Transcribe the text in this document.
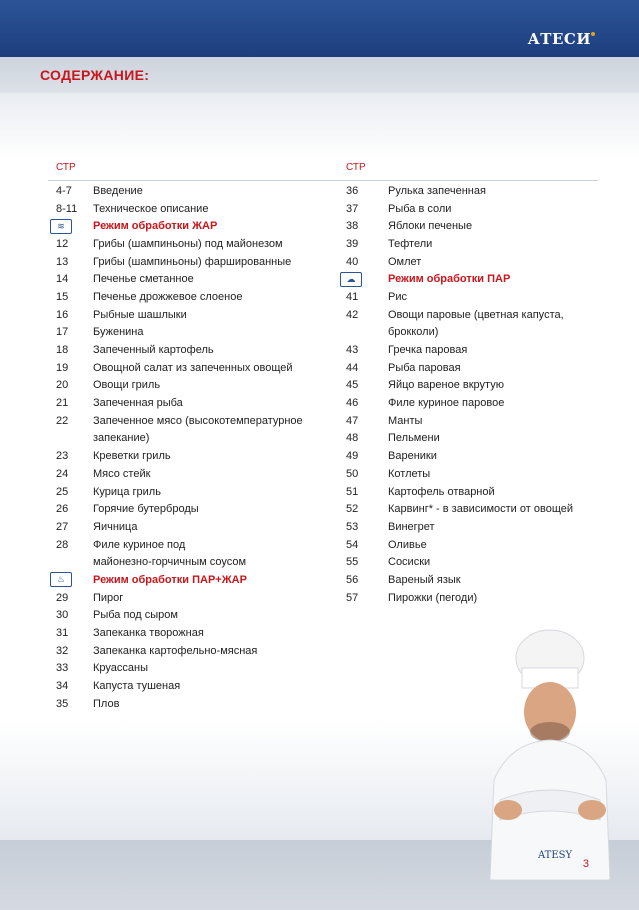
АТЕСИ
СОДЕРЖАНИЕ:
СТР
4-7	Введение
8-11	Техническое описание
≋	Режим обработки ЖАР
12	Грибы (шампиньоны) под майонезом
13	Грибы (шампиньоны) фаршированные
14	Печенье сметанное
15	Печенье дрожжевое слоеное
16	Рыбные шашлыки
17	Буженина
18	Запеченный картофель
19	Овощной салат из запеченных овощей
20	Овощи гриль
21	Запеченная рыба
22	Запеченное мясо (высокотемпературное
запекание)
23	Креветки гриль
24	Мясо стейк
25	Курица гриль
26	Горячие бутерброды
27	Яичница
28	Филе куриное под
майонезно-горчичным соусом
♨	Режим обработки ПАР+ЖАР
29	Пирог
30	Рыба под сыром
31	Запеканка творожная
32	Запеканка картофельно-мясная
33	Круассаны
34	Капуста тушеная
35	Плов
СТР
36	Рулька запеченная
37	Рыба в соли
38	Яблоки печеные
39	Тефтели
40	Омлет
☁	Режим обработки ПАР
41	Рис
42	Овощи паровые (цветная капуста,
брокколи)
43	Гречка паровая
44	Рыба паровая
45	Яйцо вареное вкрутую
46	Филе куриное паровое
47	Манты
48	Пельмени
49	Вареники
50	Котлеты
51	Картофель отварной
52	Карвинг* - в зависимости от овощей
53	Винегрет
54	Оливье
55	Сосиски
56	Вареный язык
57	Пирожки (пегоди)
ATESY
3
